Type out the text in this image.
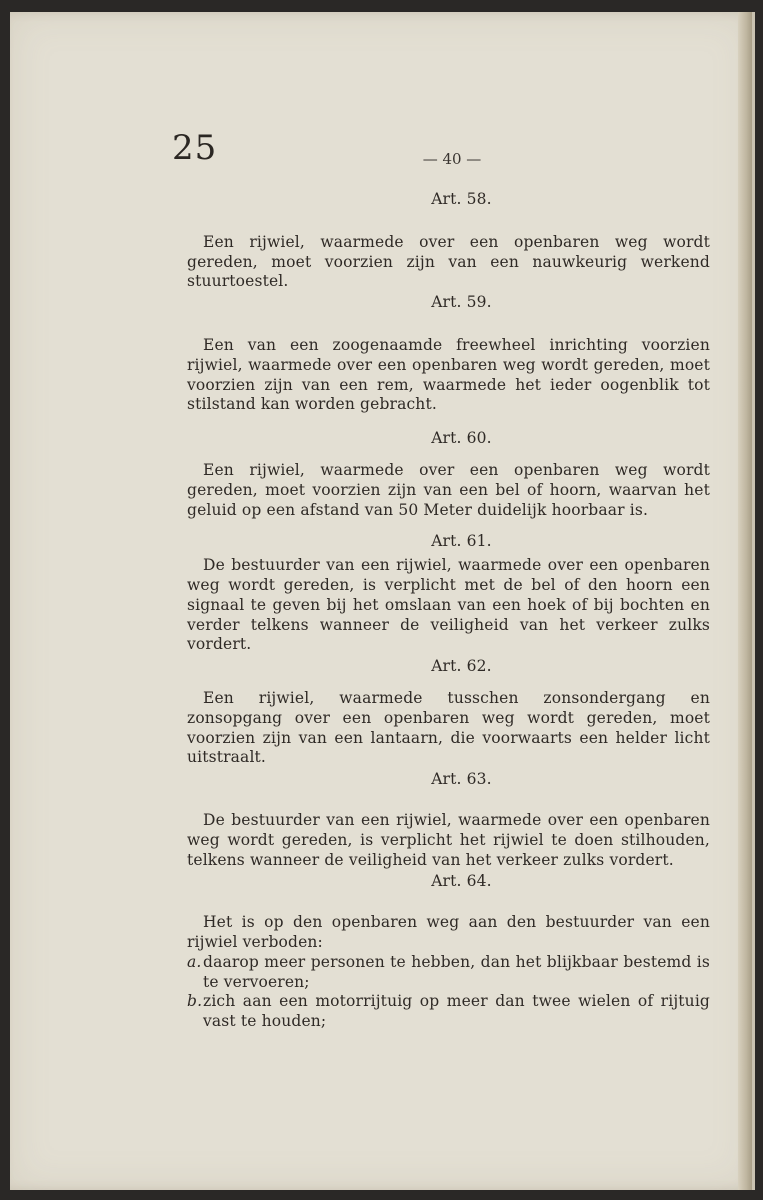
25	— 40 —
Art. 58.

Een rijwiel, waarmede over een openbaren weg wordt gereden, moet voorzien zijn van een nauwkeurig werkend stuurtoestel.

Art. 59.

Een van een zoogenaamde freewheel inrichting voorzien rijwiel, waarmede over een openbaren weg wordt gereden, moet voorzien zijn van een rem, waarmede het ieder oogenblik tot stilstand kan worden gebracht.

Art. 60.

Een rijwiel, waarmede over een openbaren weg wordt gereden, moet voorzien zijn van een bel of hoorn, waarvan het geluid op een afstand van 50 Meter duidelijk hoorbaar is.

Art. 61.

De bestuurder van een rijwiel, waarmede over een openbaren weg wordt gereden, is verplicht met de bel of den hoorn een signaal te geven bij het omslaan van een hoek of bij bochten en verder telkens wanneer de veiligheid van het verkeer zulks vordert.

Art. 62.

Een rijwiel, waarmede tusschen zonsondergang en zonsopgang over een openbaren weg wordt gereden, moet voorzien zijn van een lantaarn, die voorwaarts een helder licht uitstraalt.

Art. 63.

De bestuurder van een rijwiel, waarmede over een openbaren weg wordt gereden, is verplicht het rijwiel te doen stilhouden, telkens wanneer de veiligheid van het verkeer zulks vordert.

Art. 64.

Het is op den openbaren weg aan den bestuurder van een rijwiel verboden:

a. daarop meer personen te hebben, dan het blijkbaar bestemd is te vervoeren;
b. zich aan een motorrijtuig op meer dan twee wielen of rijtuig vast te houden;
